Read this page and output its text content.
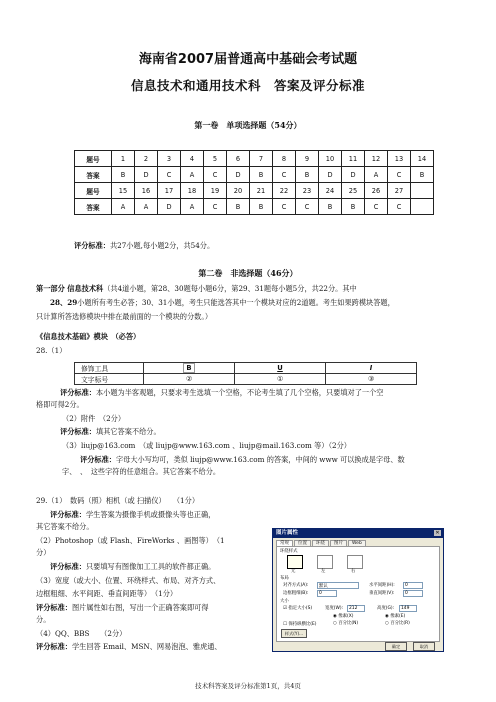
海南省2007届普通高中基础会考试题
信息技术和通用技术科　答案及评分标准
第一卷　单项选择题（54分）
题号	1	2	3	4	5	6	7	8	9	10	11	12	13	14
答案	B	D	C	A	C	D	B	C	B	D	D	A	C	B
题号	15	16	17	18	19	20	21	22	23	24	25	26	27	
答案	A	A	D	A	C	B	B	C	C	B	B	C	C	
评分标准：共27小题,每小题2分，共54分。
第二卷　非选择题（46分）
第一部分 信息技术科（共4道小题，第28、30题每小题6分，第29、31题每小题5分，共22分。其中
28、29小题所有考生必答；30、31小题，考生只能选答其中一个模块对应的2道题。考生如果跨模块答题，
只计算所答选修模块中排在最前面的一个模块的分数。）
《信息技术基础》模块　（必答）
28.（1）
修饰工具	B	U	I
文字标号	②	①	③
评分标准：本小题为半客观题，只要求考生选填一个空格，不论考生填了几个空格，只要填对了一个空
格即可得2分。
（2）附件　（2分）
评分标准：填其它答案不给分。
（3）liujp@163.com　（或 liujp@www.163.com 、liujp@mail.163.com 等）（2分）
评分标准：字母大小写均可，类似 liujp@www.163.com 的答案，中间的 www 可以换成是字母、数
字、　、　这些字符的任意组合。其它答案不给分。
29.（1）　数码（照）相机（或 扫描仪）　　（1分）
评分标准：学生答案为摄像手机或摄像头等也正确，
其它答案不给分。
（2）Photoshop（或 Flash、FireWorks 、画图等）　（1
分）
评分标准：只要填写有图像加工工具的软件都正确。
（3）宽度（或大小、位置、环绕样式、布局、对齐方式、
边框粗细、水平间距、垂直间距等）　（1分）
评分标准：图片属性如右图，写出一个正确答案即可得
分。
（4）QQ、BBS　　（2分）
评分标准：学生回答 Email、MSN、网易泡泡、雅虎通、
图片属性	✕
常规	位置	环绕	图片	Web
环绕样式
无	左	右
布局
对齐方式(A): 默认	水平间距(H): 0
边框粗细(B): 0	垂直间距(V): 0
大小
☑ 指定大小(S)	宽度(W): 212	高度(G): 149
◉ 像素(X)	◉ 像素(E)
○ 百分比(N)	○ 百分比(R)
☐ 保持纵横比(E)
样式(Y)...
确定	取消
技术科答案及评分标准第1页，共4页
